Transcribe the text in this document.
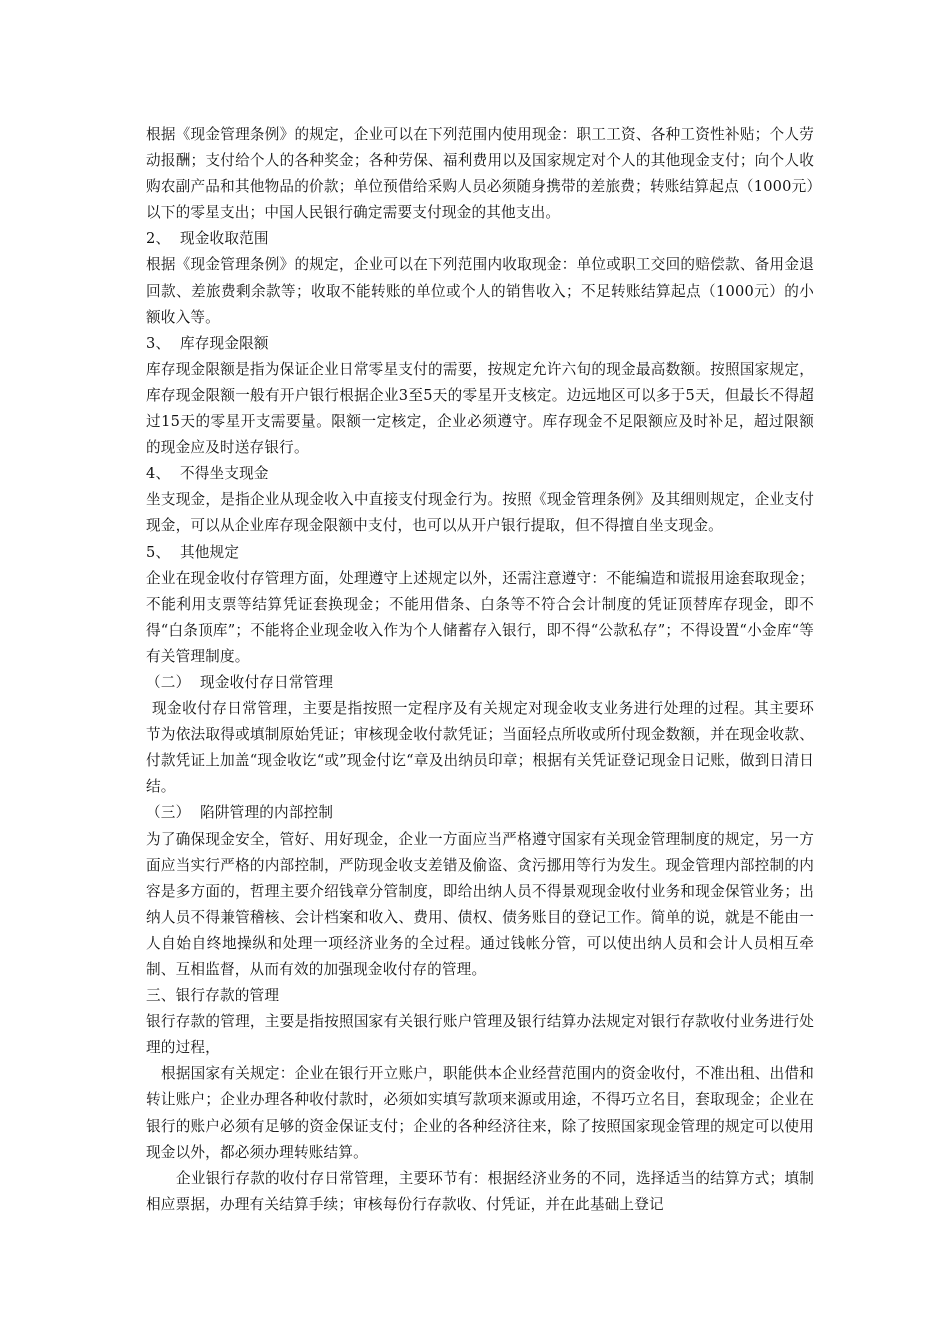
根据《现金管理条例》的规定，企业可以在下列范围内使用现金：职工工资、各种工资性补贴；个人劳动报酬；支付给个人的各种奖金；各种劳保、福利费用以及国家规定对个人的其他现金支付；向个人收购农副产品和其他物品的价款；单位预借给采购人员必须随身携带的差旅费；转账结算起点（1000元）以下的零星支出；中国人民银行确定需要支付现金的其他支出。

2、  现金收取范围

根据《现金管理条例》的规定，企业可以在下列范围内收取现金：单位或职工交回的赔偿款、备用金退回款、差旅费剩余款等；收取不能转账的单位或个人的销售收入；不足转账结算起点（1000元）的小额收入等。

3、  库存现金限额

库存现金限额是指为保证企业日常零星支付的需要，按规定允许六旬的现金最高数额。按照国家规定，库存现金限额一般有开户银行根据企业3至5天的零星开支核定。边远地区可以多于5天，但最长不得超过15天的零星开支需要量。限额一定核定，企业必须遵守。库存现金不足限额应及时补足，超过限额的现金应及时送存银行。

4、  不得坐支现金

坐支现金，是指企业从现金收入中直接支付现金行为。按照《现金管理条例》及其细则规定，企业支付现金，可以从企业库存现金限额中支付，也可以从开户银行提取，但不得擅自坐支现金。

5、  其他规定

企业在现金收付存管理方面，处理遵守上述规定以外，还需注意遵守：不能编造和谎报用途套取现金；不能利用支票等结算凭证套换现金；不能用借条、白条等不符合会计制度的凭证顶替库存现金，即不得“白条顶库”；不能将企业现金收入作为个人储蓄存入银行，即不得“公款私存”；不得设置“小金库“等有关管理制度。

（二）  现金收付存日常管理

现金收付存日常管理，主要是指按照一定程序及有关规定对现金收支业务进行处理的过程。其主要环节为依法取得或填制原始凭证；审核现金收付款凭证；当面轻点所收或所付现金数额，并在现金收款、付款凭证上加盖“现金收讫“或”现金付讫“章及出纳员印章；根据有关凭证登记现金日记账，做到日清日结。

（三）  陷阱管理的内部控制

为了确保现金安全，管好、用好现金，企业一方面应当严格遵守国家有关现金管理制度的规定，另一方面应当实行严格的内部控制，严防现金收支差错及偷盗、贪污挪用等行为发生。现金管理内部控制的内容是多方面的，哲理主要介绍钱章分管制度，即给出纳人员不得景观现金收付业务和现金保管业务；出纳人员不得兼管稽核、会计档案和收入、费用、债权、债务账目的登记工作。简单的说，就是不能由一人自始自终地操纵和处理一项经济业务的全过程。通过钱帐分管，可以使出纳人员和会计人员相互牵制、互相监督，从而有效的加强现金收付存的管理。

三、银行存款的管理

银行存款的管理，主要是指按照国家有关银行账户管理及银行结算办法规定对银行存款收付业务进行处理的过程，

根据国家有关规定：企业在银行开立账户，职能供本企业经营范围内的资金收付，不准出租、出借和转让账户；企业办理各种收付款时，必须如实填写款项来源或用途，不得巧立名目，套取现金；企业在银行的账户必须有足够的资金保证支付；企业的各种经济往来，除了按照国家现金管理的规定可以使用现金以外，都必须办理转账结算。

企业银行存款的收付存日常管理，主要环节有：根据经济业务的不同，选择适当的结算方式；填制相应票据，办理有关结算手续；审核每份行存款收、付凭证，并在此基础上登记
